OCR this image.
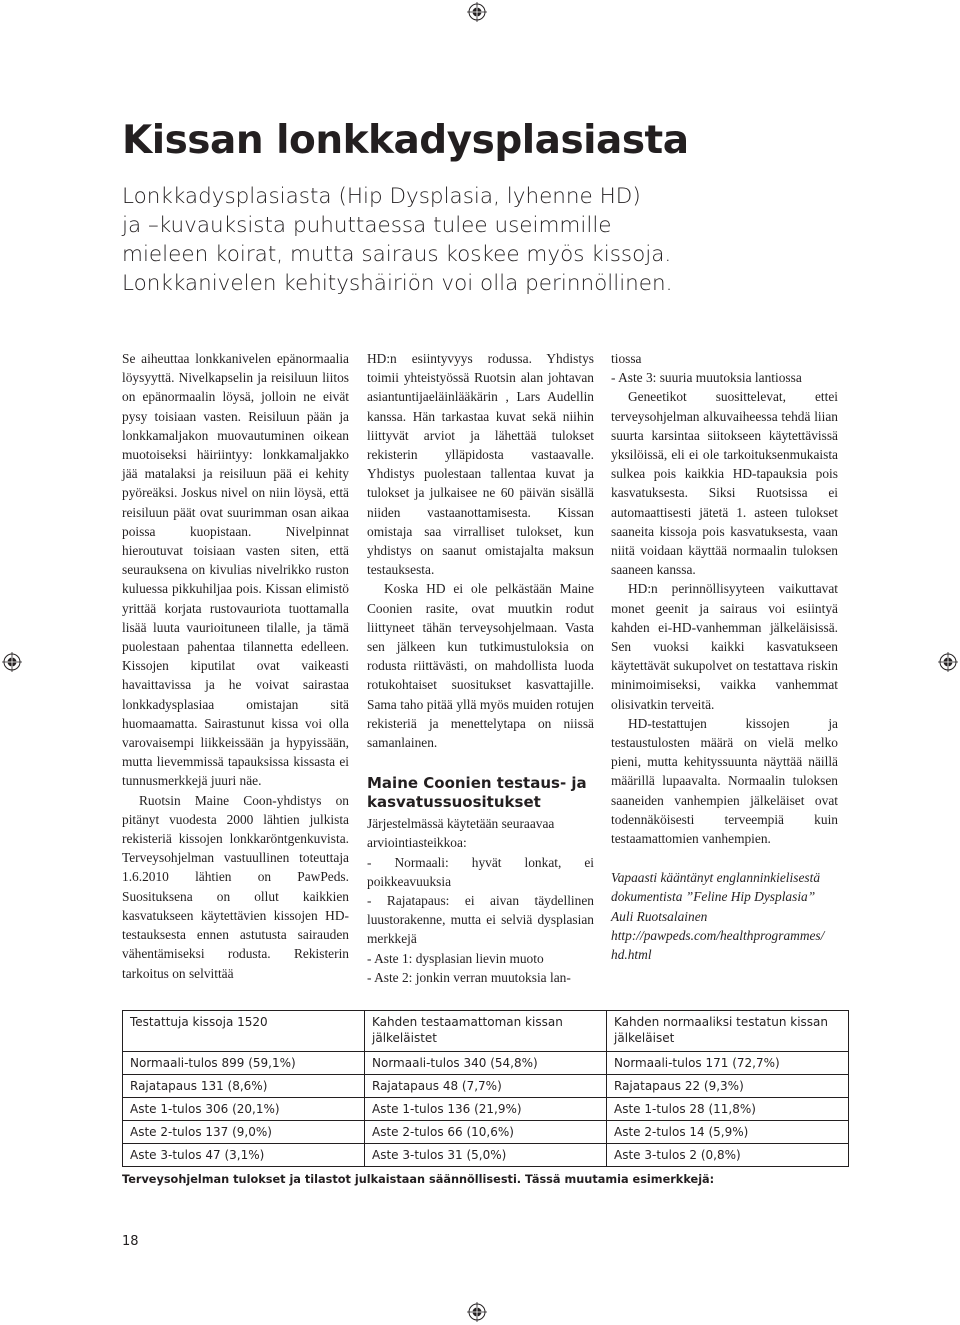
Kissan lonkkadysplasiasta
Lonkkadysplasiasta (Hip Dysplasia, lyhenne HD)
ja –kuvauksista puhuttaessa tulee useimmille
mieleen koirat, mutta sairaus koskee myös kissoja.
Lonkkanivelen kehityshäiriön voi olla perinnöllinen.

Se aiheuttaa lonkkanivelen epänormaalia löysyyttä. Nivelkapselin ja reisiluun liitos on epänormaalin löysä, jolloin ne eivät pysy toisiaan vasten. Reisiluun pään ja lonkkamaljakon muovautuminen oikean muotoiseksi häiriintyy: lonkkamaljakko jää matalaksi ja reisiluun pää ei kehity pyöreäksi. Joskus nivel on niin löysä, että reisiluun päät ovat suurimman osan aikaa poissa kuopistaan. Nivelpinnat hieroutuvat toisiaan vasten siten, että seurauksena on kivulias nivelrikko ruston kuluessa pikkuhiljaa pois. Kissan elimistö yrittää korjata rustovauriota tuottamalla lisää luuta vaurioituneen tilalle, ja tämä puolestaan pahentaa tilannetta edelleen. Kissojen kiputilat ovat vaikeasti havaittavissa ja he voivat sairastaa lonkkadysplasiaa omistajan sitä huomaamatta. Sairastunut kissa voi olla varovaisempi liikkeissään ja hypyissään, mutta lievemmissä tapauksissa kissasta ei tunnusmerkkejä juuri näe.

Ruotsin Maine Coon-yhdistys on pitänyt vuodesta 2000 lähtien julkista rekisteriä kissojen lonkkaröntgenkuvista. Terveysohjelman vastuullinen toteuttaja 1.6.2010 lähtien on PawPeds. Suosituksena on ollut kaikkien kasvatukseen käytettävien kissojen HD-testauksesta ennen astutusta sairauden vähentämiseksi rodusta. Rekisterin tarkoitus on selvittää

HD:n esiintyvyys rodussa. Yhdistys toimii yhteistyössä Ruotsin alan johtavan asiantuntijaeläinlääkärin , Lars Audellin kanssa. Hän tarkastaa kuvat sekä niihin liittyvät arviot ja lähettää tulokset rekisterin ylläpidosta vastaavalle. Yhdistys puolestaan tallentaa kuvat ja tulokset ja julkaisee ne 60 päivän sisällä niiden vastaanottamisesta. Kissan omistaja saa virralliset tulokset, kun yhdistys on saanut omistajalta maksun testauksesta.

Koska HD ei ole pelkästään Maine Coonien rasite, ovat muutkin rodut liittyneet tähän terveysohjelmaan. Vasta sen jälkeen kun tutkimustuloksia on rodusta riittävästi, on mahdollista luoda rotukohtaiset suositukset kasvattajille. Sama taho pitää yllä myös muiden rotujen rekisteriä ja menettelytapa on niissä samanlainen.

Maine Coonien testaus- ja kasvatussuositukset

Järjestelmässä käytetään seuraavaa arviointiasteikkoa:

- Normaali: hyvät lonkat, ei poikkeavuuksia

- Rajatapaus: ei aivan täydellinen luustorakenne, mutta ei selviä dysplasian merkkejä

- Aste 1: dysplasian lievin muoto

- Aste 2: jonkin verran muutoksia lan-

tiossa

- Aste 3: suuria muutoksia lantiossa

Geneetikot suosittelevat, ettei terveysohjelman alkuvaiheessa tehdä liian suurta karsintaa siitokseen käytettävissä yksilöissä, eli ei ole tarkoituksenmukaista sulkea pois kaikkia HD-tapauksia pois kasvatuksesta. Siksi Ruotsissa ei automaattisesti jätetä 1. asteen tulokset saaneita kissoja pois kasvatuksesta, vaan niitä voidaan käyttää normaalin tuloksen saaneen kanssa.

HD:n perinnöllisyyteen vaikuttavat monet geenit ja sairaus voi esiintyä kahden ei-HD-vanhemman jälkeläisissä. Sen vuoksi kaikki kasvatukseen käytettävät sukupolvet on testattava riskin minimoimiseksi, vaikka vanhemmat olisivatkin terveitä.

HD-testattujen kissojen ja testaustulosten määrä on vielä melko pieni, mutta kehityssuunta näyttää näillä määrillä lupaavalta. Normaalin tuloksen saaneiden vanhempien jälkeläiset ovat todennäköisesti terveempiä kuin testaamattomien vanhempien.

Vapaasti kääntänyt englanninkielisestä
dokumentista ”Feline Hip Dysplasia”
Auli Ruotsalainen
http://pawpeds.com/healthprogrammes/
hd.html

Testattuja kissoja 1520	Kahden testaamattoman kissan jälkeläistet	Kahden normaaliksi testatun kissan jälkeläiset
Normaali-tulos 899 (59,1%)	Normaali-tulos 340 (54,8%)	Normaali-tulos 171 (72,7%)
Rajatapaus 131 (8,6%)	Rajatapaus 48 (7,7%)	Rajatapaus 22 (9,3%)
Aste 1-tulos 306 (20,1%)	Aste 1-tulos 136 (21,9%)	Aste 1-tulos 28 (11,8%)
Aste 2-tulos 137 (9,0%)	Aste 2-tulos 66 (10,6%)	Aste 2-tulos 14 (5,9%)
Aste 3-tulos 47 (3,1%)	Aste 3-tulos 31 (5,0%)	Aste 3-tulos 2 (0,8%)
Terveysohjelman tulokset ja tilastot julkaistaan säännöllisesti. Tässä muutamia esimerkkejä:
18
